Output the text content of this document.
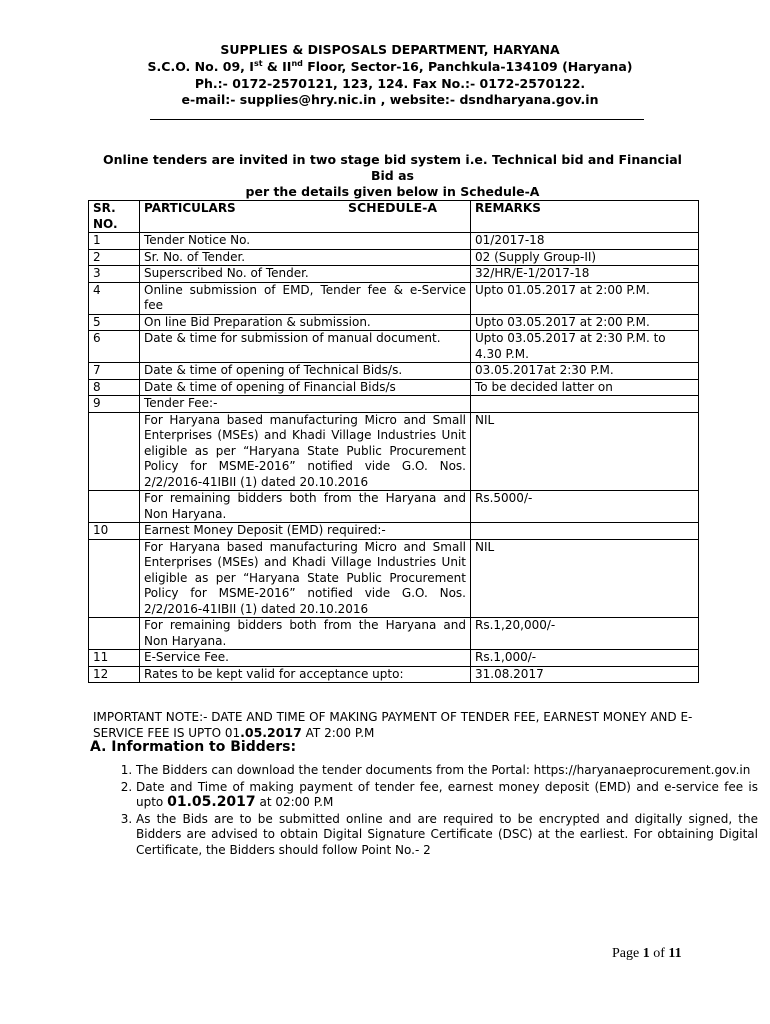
SUPPLIES & DISPOSALS DEPARTMENT, HARYANA
S.C.O. No. 09, Ist & IInd Floor, Sector-16, Panchkula-134109 (Haryana)
Ph.:- 0172-2570121, 123, 124. Fax No.:- 0172-2570122.
e-mail:- supplies@hry.nic.in , website:- dsndharyana.gov.in
Online tenders are invited in two stage bid system i.e. Technical bid and Financial Bid as
per the details given below in Schedule-A
SCHEDULE-A
SR. NO.	PARTICULARS	REMARKS
1	Tender Notice No.	01/2017-18
2	Sr. No. of Tender.	02 (Supply Group-II)
3	Superscribed No. of Tender.	32/HR/E-1/2017-18
4	Online submission of EMD, Tender fee & e-Service fee	Upto 01.05.2017 at 2:00 P.M.
5	On line Bid Preparation & submission.	Upto 03.05.2017 at 2:00 P.M.
6	Date & time for submission of manual document.	Upto 03.05.2017 at 2:30 P.M. to 4.30 P.M.
7	Date & time of opening of Technical Bids/s.	03.05.2017at 2:30 P.M.
8	Date & time of opening of Financial Bids/s	To be decided latter on
9	Tender Fee:-	
	For Haryana based manufacturing Micro and Small Enterprises (MSEs) and Khadi Village Industries Unit eligible as per “Haryana State Public Procurement Policy for MSME-2016” notified vide G.O. Nos. 2/2/2016-41IBII (1) dated 20.10.2016	NIL
	For remaining bidders both from the Haryana and Non Haryana.	Rs.5000/-
10	Earnest Money Deposit (EMD) required:-	
	For Haryana based manufacturing Micro and Small Enterprises (MSEs) and Khadi Village Industries Unit eligible as per “Haryana State Public Procurement Policy for MSME-2016” notified vide G.O. Nos. 2/2/2016-41IBII (1) dated 20.10.2016	NIL
	For remaining bidders both from the Haryana and Non Haryana.	Rs.1,20,000/-
11	E-Service Fee.	Rs.1,000/-
12	Rates to be kept valid for acceptance upto:	31.08.2017
IMPORTANT NOTE:- DATE AND TIME OF MAKING PAYMENT OF TENDER FEE, EARNEST MONEY AND E-SERVICE FEE IS UPTO 01.05.2017 AT 2:00 P.M
A. Information to Bidders:
1. The Bidders can download the tender documents from the Portal: https://haryanaeprocurement.gov.in
2. Date and Time of making payment of tender fee, earnest money deposit (EMD) and e-service fee is upto 01.05.2017 at 02:00 P.M
3. As the Bids are to be submitted online and are required to be encrypted and digitally signed, the Bidders are advised to obtain Digital Signature Certificate (DSC) at the earliest. For obtaining Digital Certificate, the Bidders should follow Point No.- 2
Page 1 of 11
